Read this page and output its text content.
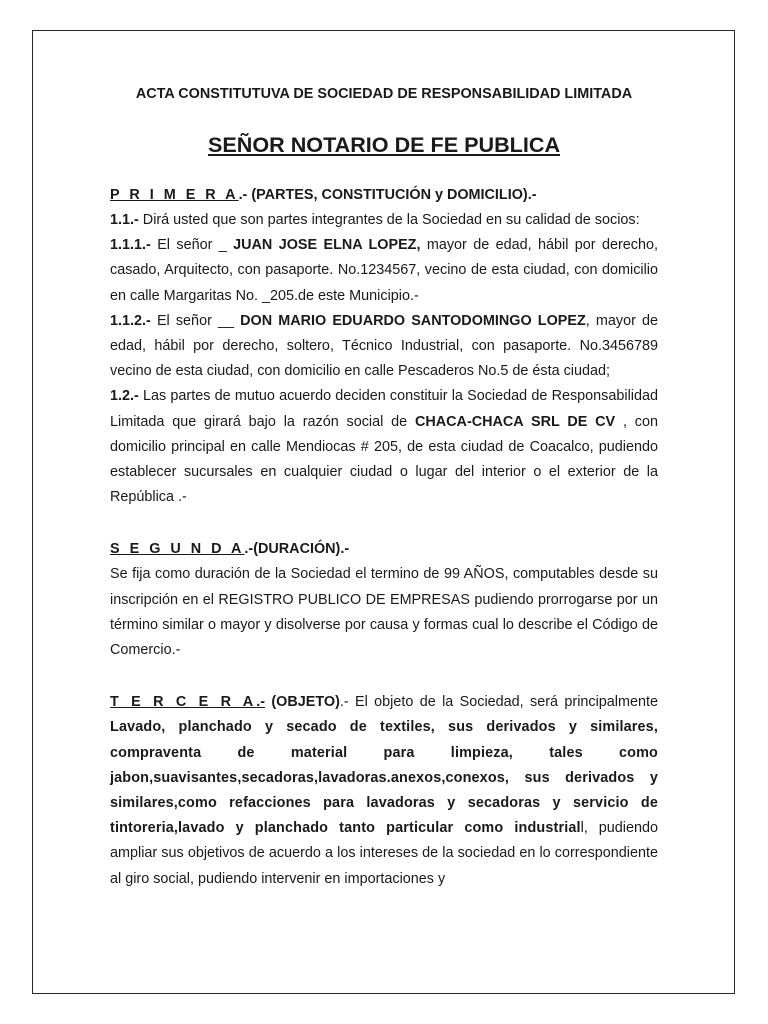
ACTA CONSTITUTUVA DE SOCIEDAD DE RESPONSABILIDAD LIMITADA
SEÑOR NOTARIO DE FE PUBLICA
P R I M E R A.- (PARTES, CONSTITUCIÓN y DOMICILIO).-

1.1.- Dirá usted que son partes integrantes de la Sociedad en su calidad de socios:

1.1.1.- El señor _ JUAN JOSE ELNA LOPEZ, mayor de edad, hábil por derecho, casado, Arquitecto, con pasaporte. No.1234567, vecino de esta ciudad, con domicilio en calle Margaritas No. _205.de este Municipio.-

1.1.2.- El señor __ DON MARIO EDUARDO SANTODOMINGO LOPEZ, mayor de edad, hábil por derecho, soltero, Técnico Industrial, con pasaporte. No.3456789 vecino de esta ciudad, con domicilio en calle Pescaderos No.5 de ésta ciudad;

1.2.- Las partes de mutuo acuerdo deciden constituir la Sociedad de Responsabilidad Limitada que girará bajo la razón social de CHACA-CHACA SRL DE CV , con domicilio principal en calle Mendiocas # 205, de esta ciudad de Coacalco, pudiendo establecer sucursales en cualquier ciudad o lugar del interior o el exterior de la República .-

S E G U N D A.-(DURACIÓN).-

Se fija como duración de la Sociedad el termino de 99 AÑOS, computables desde su inscripción en el REGISTRO PUBLICO DE EMPRESAS pudiendo prorrogarse por un término similar o mayor y disolverse por causa y formas cual lo describe el Código de Comercio.-

T E R C E R A.- (OBJETO).- El objeto de la Sociedad, será principalmente Lavado, planchado y secado de textiles, sus derivados y similares, compraventa de material para limpieza, tales como jabon,suavisantes,secadoras,lavadoras.anexos,conexos, sus derivados y similares,como refacciones para lavadoras y secadoras y servicio de tintoreria,lavado y planchado tanto particular como industriall, pudiendo ampliar sus objetivos de acuerdo a los intereses de la sociedad en lo correspondiente al giro social, pudiendo intervenir en importaciones y
